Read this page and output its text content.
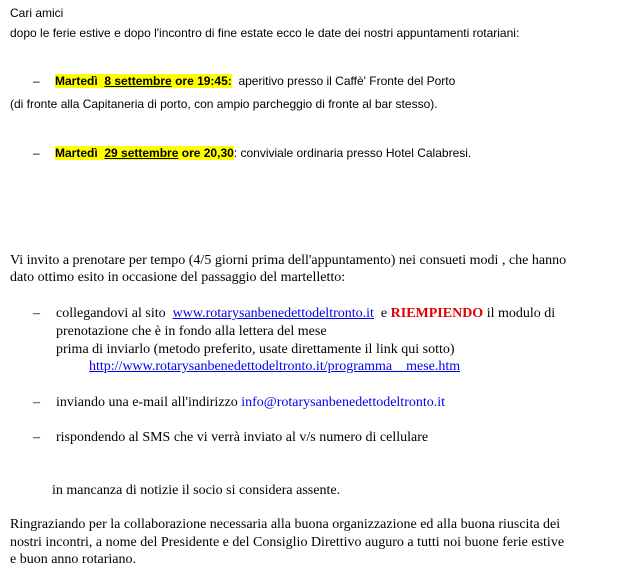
Cari amici
dopo le ferie estive e dopo l'incontro di fine estate ecco le date dei nostri appuntamenti rotariani:
– Martedì 8 settembre ore 19:45: aperitivo presso il Caffè' Fronte del Porto
(di fronte alla Capitaneria di porto, con ampio parcheggio di fronte al bar stesso).
– Martedì 29 settembre ore 20,30: conviviale ordinaria presso Hotel Calabresi.
Vi invito a prenotare per tempo (4/5 giorni prima dell'appuntamento) nei consueti modi , che hanno
dato ottimo esito in occasione del passaggio del martelletto:
– collegandovi al sito www.rotarysanbenedettodeltronto.it e RIEMPIENDO il modulo di
prenotazione che è in fondo alla lettera del mese
prima di inviarlo (metodo preferito, usate direttamente il link qui sotto)
http://www.rotarysanbenedettodeltronto.it/programma__mese.htm
– inviando una e-mail all'indirizzo info@rotarysanbenedettodeltronto.it
– rispondendo al SMS che vi verrà inviato al v/s numero di cellulare
in mancanza di notizie il socio si considera assente.
Ringraziando per la collaborazione necessaria alla buona organizzazione ed alla buona riuscita dei
nostri incontri, a nome del Presidente e del Consiglio Direttivo auguro a tutti noi buone ferie estive
e buon anno rotariano.
